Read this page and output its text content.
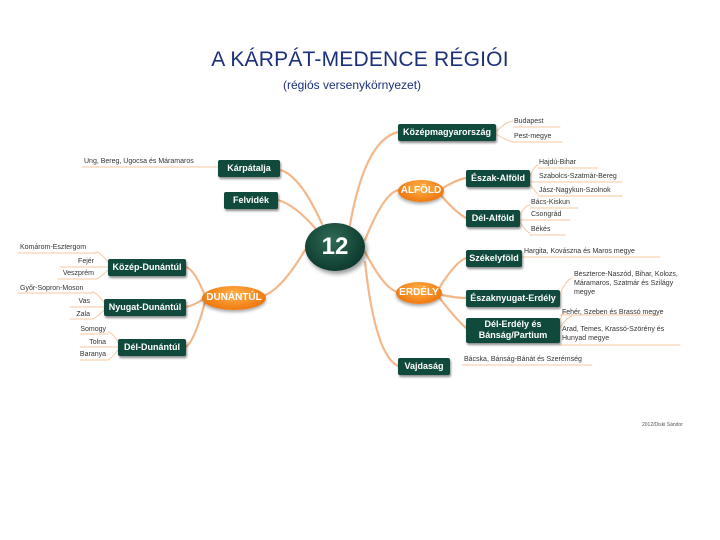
A KÁRPÁT-MEDENCE RÉGIÓI
(régiós versenykörnyezet)
12
ALFÖLD
ERDÉLY
DUNÁNTÚL
Középmagyarország
Kárpátalja
Felvidék
Észak-Alföld
Dél-Alföld
Székelyföld
Északnyugat-Erdély
Dél-Erdély és
Bánság/Partium
Vajdaság
Közép-Dunántúl
Nyugat-Dunántúl
Dél-Dunántúl
Budapest
Pest-megye
Ung, Bereg, Ugocsa és Máramaros	Hajdú-Bihar
Szabolcs-Szatmár-Bereg
Jász-Nagykun-Szolnok
Bács-Kiskun
Csongrád
Békés
Hargita, Kovászna és Maros megye
Beszterce-Naszód, Bihar, Kolozs,
Máramaros, Szatmár és Szilágy
megye
Fehér, Szeben és Brassó megye
Arad, Temes, Krassó-Szörény és
Hunyad megye
Bácska, Bánság-Bánát és Szerémség
Komárom-Esztergom
Fejér
Veszprém
Győr-Sopron-Moson
Vas
Zala
Somogy
Tolna
Baranya
2012/Diski Sándor
